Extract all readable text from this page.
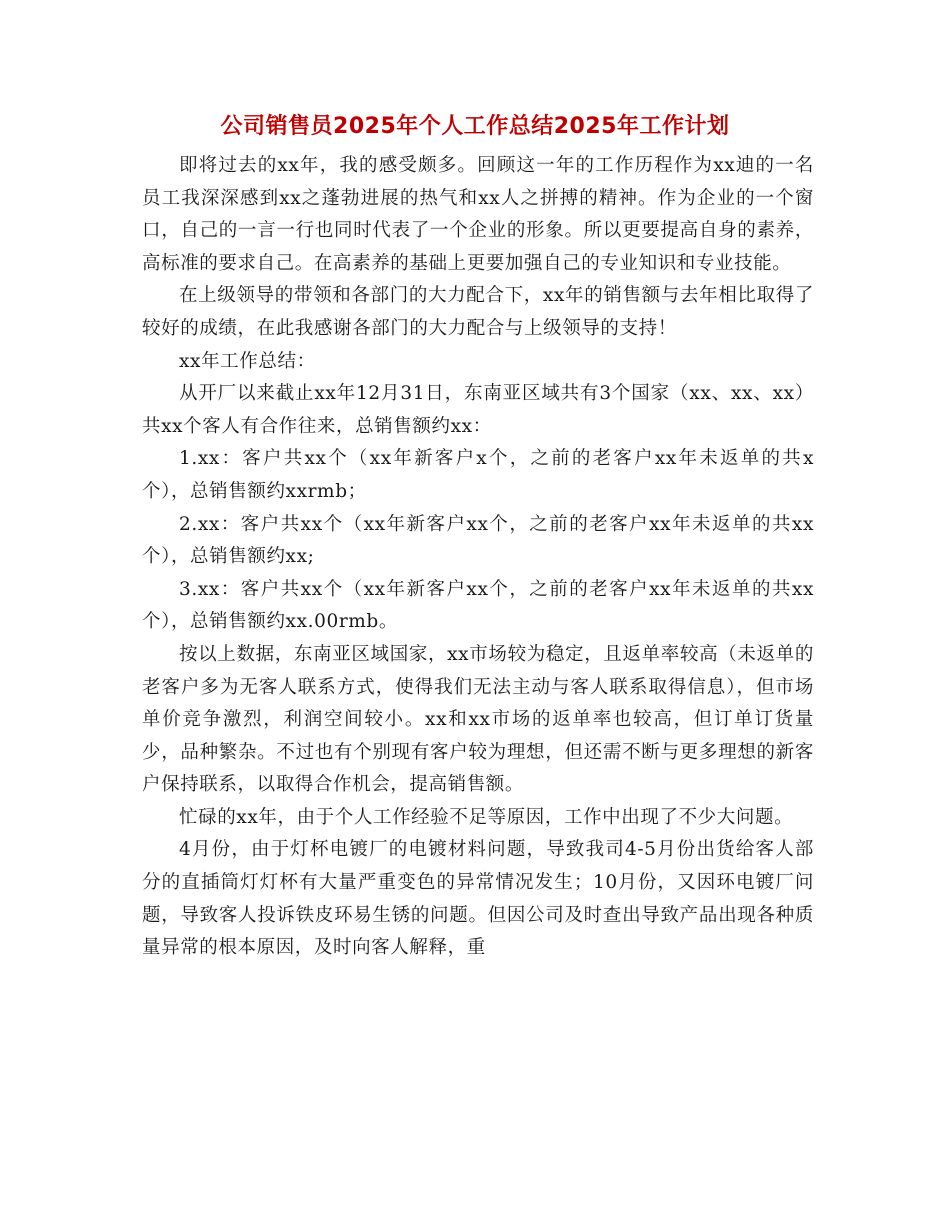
公司销售员2025年个人工作总结2025年工作计划

即将过去的xx年，我的感受颇多。回顾这一年的工作历程作为xx迪的一名员工我深深感到xx之蓬勃进展的热气和xx人之拼搏的精神。作为企业的一个窗口，自己的一言一行也同时代表了一个企业的形象。所以更要提高自身的素养，高标准的要求自己。在高素养的基础上更要加强自己的专业知识和专业技能。

在上级领导的带领和各部门的大力配合下，xx年的销售额与去年相比取得了较好的成绩，在此我感谢各部门的大力配合与上级领导的支持！

xx年工作总结：

从开厂以来截止xx年12月31日，东南亚区域共有3个国家（xx、xx、xx）共xx个客人有合作往来，总销售额约xx：

1.xx：客户共xx个（xx年新客户x个，之前的老客户xx年未返单的共x个），总销售额约xxrmb；

2.xx：客户共xx个（xx年新客户xx个，之前的老客户xx年未返单的共xx个），总销售额约xx;

3.xx：客户共xx个（xx年新客户xx个，之前的老客户xx年未返单的共xx个），总销售额约xx.00rmb。

按以上数据，东南亚区域国家，xx市场较为稳定，且返单率较高（未返单的老客户多为无客人联系方式，使得我们无法主动与客人联系取得信息），但市场单价竞争激烈，利润空间较小。xx和xx市场的返单率也较高，但订单订货量少，品种繁杂。不过也有个别现有客户较为理想，但还需不断与更多理想的新客户保持联系，以取得合作机会，提高销售额。

忙碌的xx年，由于个人工作经验不足等原因，工作中出现了不少大问题。

4月份，由于灯杯电镀厂的电镀材料问题，导致我司4-5月份出货给客人部分的直插筒灯灯杯有大量严重变色的异常情况发生；10月份，又因环电镀厂问题，导致客人投诉铁皮环易生锈的问题。但因公司及时查出导致产品出现各种质量异常的根本原因，及时向客人解释，重
